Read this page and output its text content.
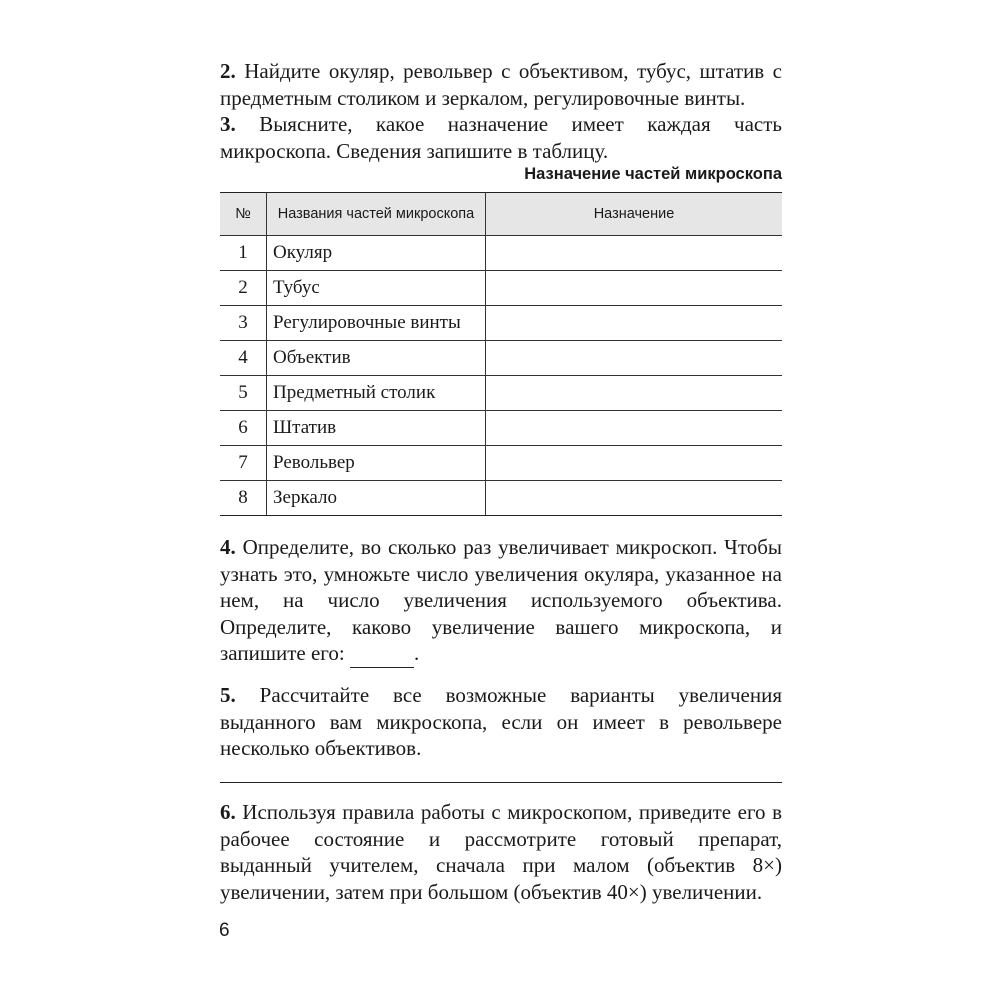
2. Найдите окуляр, револьвер с объективом, тубус, штатив с предметным столиком и зеркалом, регулировочные винты.

3. Выясните, какое назначение имеет каждая часть микроскопа. Сведения запишите в таблицу.

Назначение частей микроскопа
№	Названия частей микроскопа	Назначение
1	Окуляр	
2	Тубус	
3	Регулировочные винты	
4	Объектив	
5	Предметный столик	
6	Штатив	
7	Револьвер	
8	Зеркало	

4. Определите, во сколько раз увеличивает микроскоп. Чтобы узнать это, умножьте число увеличения окуляра, указанное на нем, на число увеличения используемого объектива. Определите, каково увеличение вашего микроскопа, и запишите его:	.

5. Рассчитайте все возможные варианты увеличения выданного вам микроскопа, если он имеет в револьвере несколько объективов.

6. Используя правила работы с микроскопом, приведите его в рабочее состояние и рассмотрите готовый препарат, выданный учителем, сначала при малом (объектив 8×) увеличении, затем при большом (объектив 40×) увеличении.

6
